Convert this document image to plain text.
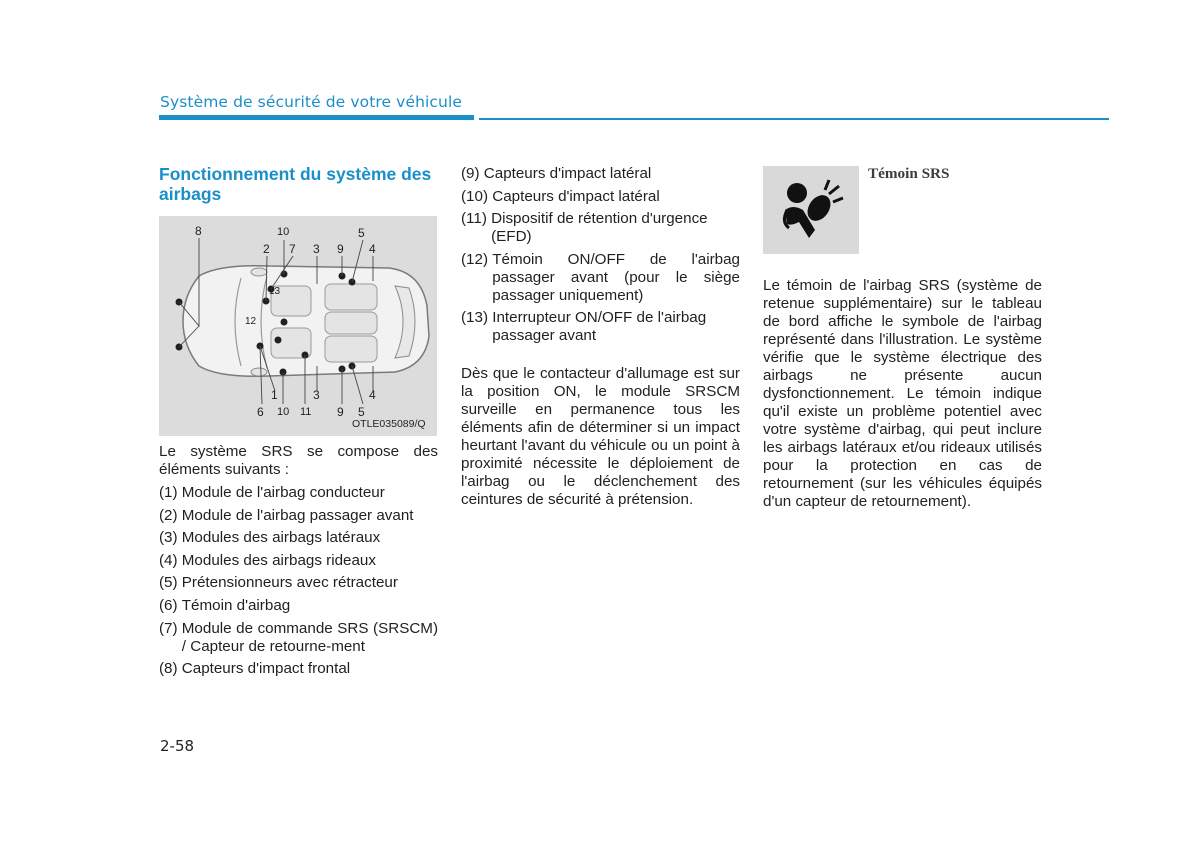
Système de sécurité de votre véhicule
Fonctionnement du système des airbags
8
2
10
7 3 9
5
4
13
12
1
6 10 11
3
9 5
4
OTLE035089/Q

Le système SRS se compose des éléments suivants :

(1) Module de l'airbag conducteur
(2) Module de l'airbag passager avant
(3) Modules des airbags latéraux
(4) Modules des airbags rideaux
(5) Prétensionneurs avec rétracteur
(6) Témoin d'airbag
(7) Module de commande SRS (SRSCM) / Capteur de retourne-ment
(8) Capteurs d'impact frontal
(9) Capteurs d'impact latéral
(10) Capteurs d'impact latéral
(11) Dispositif de rétention d'urgence (EFD)
(12) Témoin ON/OFF de l'airbag passager avant (pour le siège passager uniquement)
(13) Interrupteur ON/OFF de l'airbag passager avant

Dès que le contacteur d'allumage est sur la position ON, le module SRSCM surveille en permanence tous les éléments afin de déterminer si un impact heurtant l'avant du véhicule ou un point à proximité nécessite le déploiement de l'airbag ou le déclenchement des ceintures de sécurité à prétension.

Témoin SRS

Le témoin de l'airbag SRS (système de retenue supplémentaire) sur le tableau de bord affiche le symbole de l'airbag représenté dans l'illustration. Le système vérifie que le système électrique des airbags ne présente aucun dysfonctionnement. Le témoin indique qu'il existe un problème potentiel avec votre système d'airbag, qui peut inclure les airbags latéraux et/ou rideaux utilisés pour la protection en cas de retournement (sur les véhicules équipés d'un capteur de retournement).

2-58
